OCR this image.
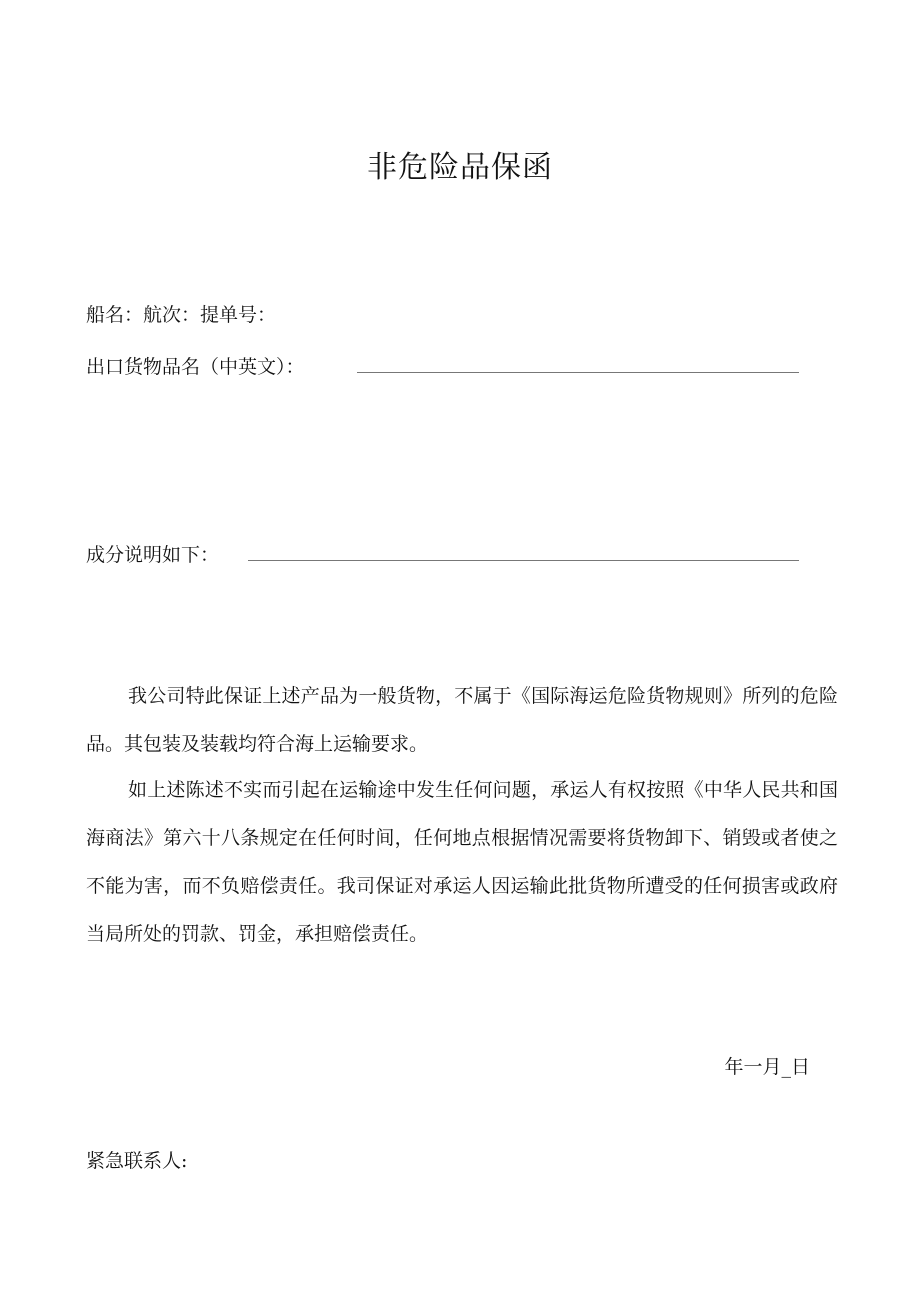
非危险品保函
船名：航次：提单号：
出口货物品名（中英文）：
成分说明如下：
我公司特此保证上述产品为一般货物，不属于《国际海运危险货物规则》所列的危险品。其包装及装载均符合海上运输要求。
如上述陈述不实而引起在运输途中发生任何问题，承运人有权按照《中华人民共和国海商法》第六十八条规定在任何时间，任何地点根据情况需要将货物卸下、销毁或者使之不能为害，而不负赔偿责任。我司保证对承运人因运输此批货物所遭受的任何损害或政府当局所处的罚款、罚金，承担赔偿责任。
年一月_日
紧急联系人:
